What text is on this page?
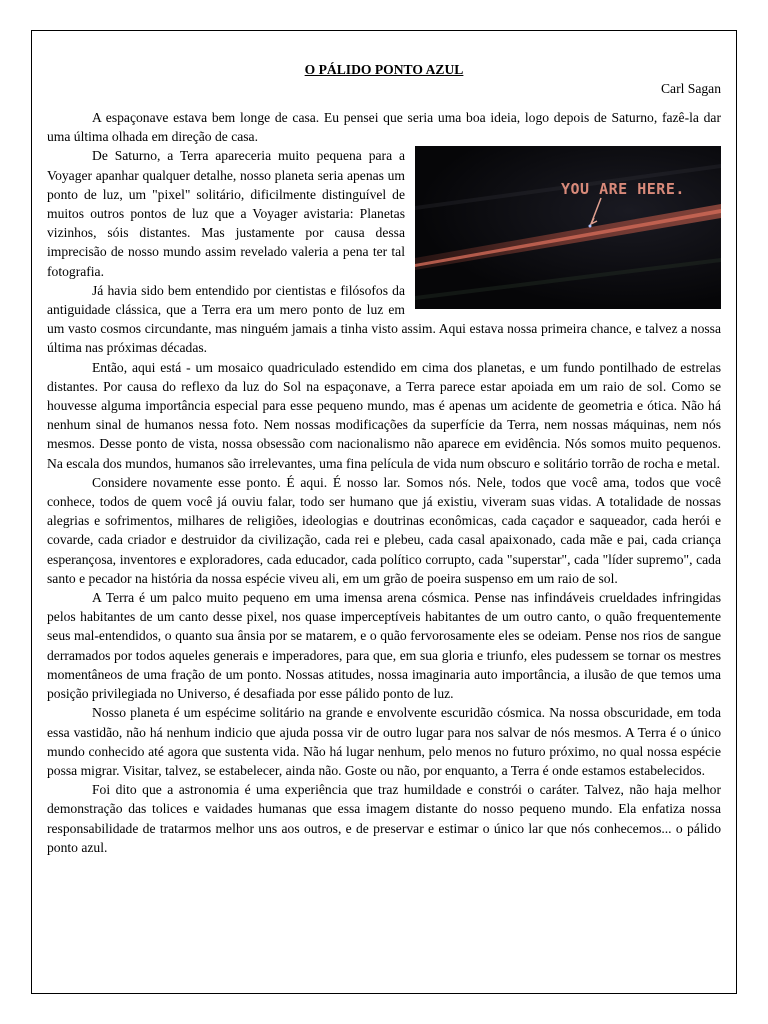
O PÁLIDO PONTO AZUL
Carl Sagan

A espaçonave estava bem longe de casa. Eu pensei que seria uma boa ideia, logo depois de Saturno, fazê-la dar uma última olhada em direção de casa.

YOU ARE HERE.

De Saturno, a Terra apareceria muito pequena para a Voyager apanhar qualquer detalhe, nosso planeta seria apenas um ponto de luz, um "pixel" solitário, dificilmente distinguível de muitos outros pontos de luz que a Voyager avistaria: Planetas vizinhos, sóis distantes. Mas justamente por causa dessa imprecisão de nosso mundo assim revelado valeria a pena ter tal fotografia.

Já havia sido bem entendido por cientistas e filósofos da antiguidade clássica, que a Terra era um mero ponto de luz em um vasto cosmos circundante, mas ninguém jamais a tinha visto assim. Aqui estava nossa primeira chance, e talvez a nossa última nas próximas décadas.

Então, aqui está - um mosaico quadriculado estendido em cima dos planetas, e um fundo pontilhado de estrelas distantes. Por causa do reflexo da luz do Sol na espaçonave, a Terra parece estar apoiada em um raio de sol. Como se houvesse alguma importância especial para esse pequeno mundo, mas é apenas um acidente de geometria e ótica. Não há nenhum sinal de humanos nessa foto. Nem nossas modificações da superfície da Terra, nem nossas máquinas, nem nós mesmos. Desse ponto de vista, nossa obsessão com nacionalismo não aparece em evidência. Nós somos muito pequenos. Na escala dos mundos, humanos são irrelevantes, uma fina película de vida num obscuro e solitário torrão de rocha e metal.

Considere novamente esse ponto. É aqui. É nosso lar. Somos nós. Nele, todos que você ama, todos que você conhece, todos de quem você já ouviu falar, todo ser humano que já existiu, viveram suas vidas. A totalidade de nossas alegrias e sofrimentos, milhares de religiões, ideologias e doutrinas econômicas, cada caçador e saqueador, cada herói e covarde, cada criador e destruidor da civilização, cada rei e plebeu, cada casal apaixonado, cada mãe e pai, cada criança esperançosa, inventores e exploradores, cada educador, cada político corrupto, cada "superstar", cada "líder supremo", cada santo e pecador na história da nossa espécie viveu ali, em um grão de poeira suspenso em um raio de sol.

A Terra é um palco muito pequeno em uma imensa arena cósmica. Pense nas infindáveis crueldades infringidas pelos habitantes de um canto desse pixel, nos quase imperceptíveis habitantes de um outro canto, o quão frequentemente seus mal-entendidos, o quanto sua ânsia por se matarem, e o quão fervorosamente eles se odeiam. Pense nos rios de sangue derramados por todos aqueles generais e imperadores, para que, em sua gloria e triunfo, eles pudessem se tornar os mestres momentâneos de uma fração de um ponto. Nossas atitudes, nossa imaginaria auto importância, a ilusão de que temos uma posição privilegiada no Universo, é desafiada por esse pálido ponto de luz.

Nosso planeta é um espécime solitário na grande e envolvente escuridão cósmica. Na nossa obscuridade, em toda essa vastidão, não há nenhum indicio que ajuda possa vir de outro lugar para nos salvar de nós mesmos. A Terra é o único mundo conhecido até agora que sustenta vida. Não há lugar nenhum, pelo menos no futuro próximo, no qual nossa espécie possa migrar. Visitar, talvez, se estabelecer, ainda não. Goste ou não, por enquanto, a Terra é onde estamos estabelecidos.

Foi dito que a astronomia é uma experiência que traz humildade e constrói o caráter. Talvez, não haja melhor demonstração das tolices e vaidades humanas que essa imagem distante do nosso pequeno mundo. Ela enfatiza nossa responsabilidade de tratarmos melhor uns aos outros, e de preservar e estimar o único lar que nós conhecemos... o pálido ponto azul.
